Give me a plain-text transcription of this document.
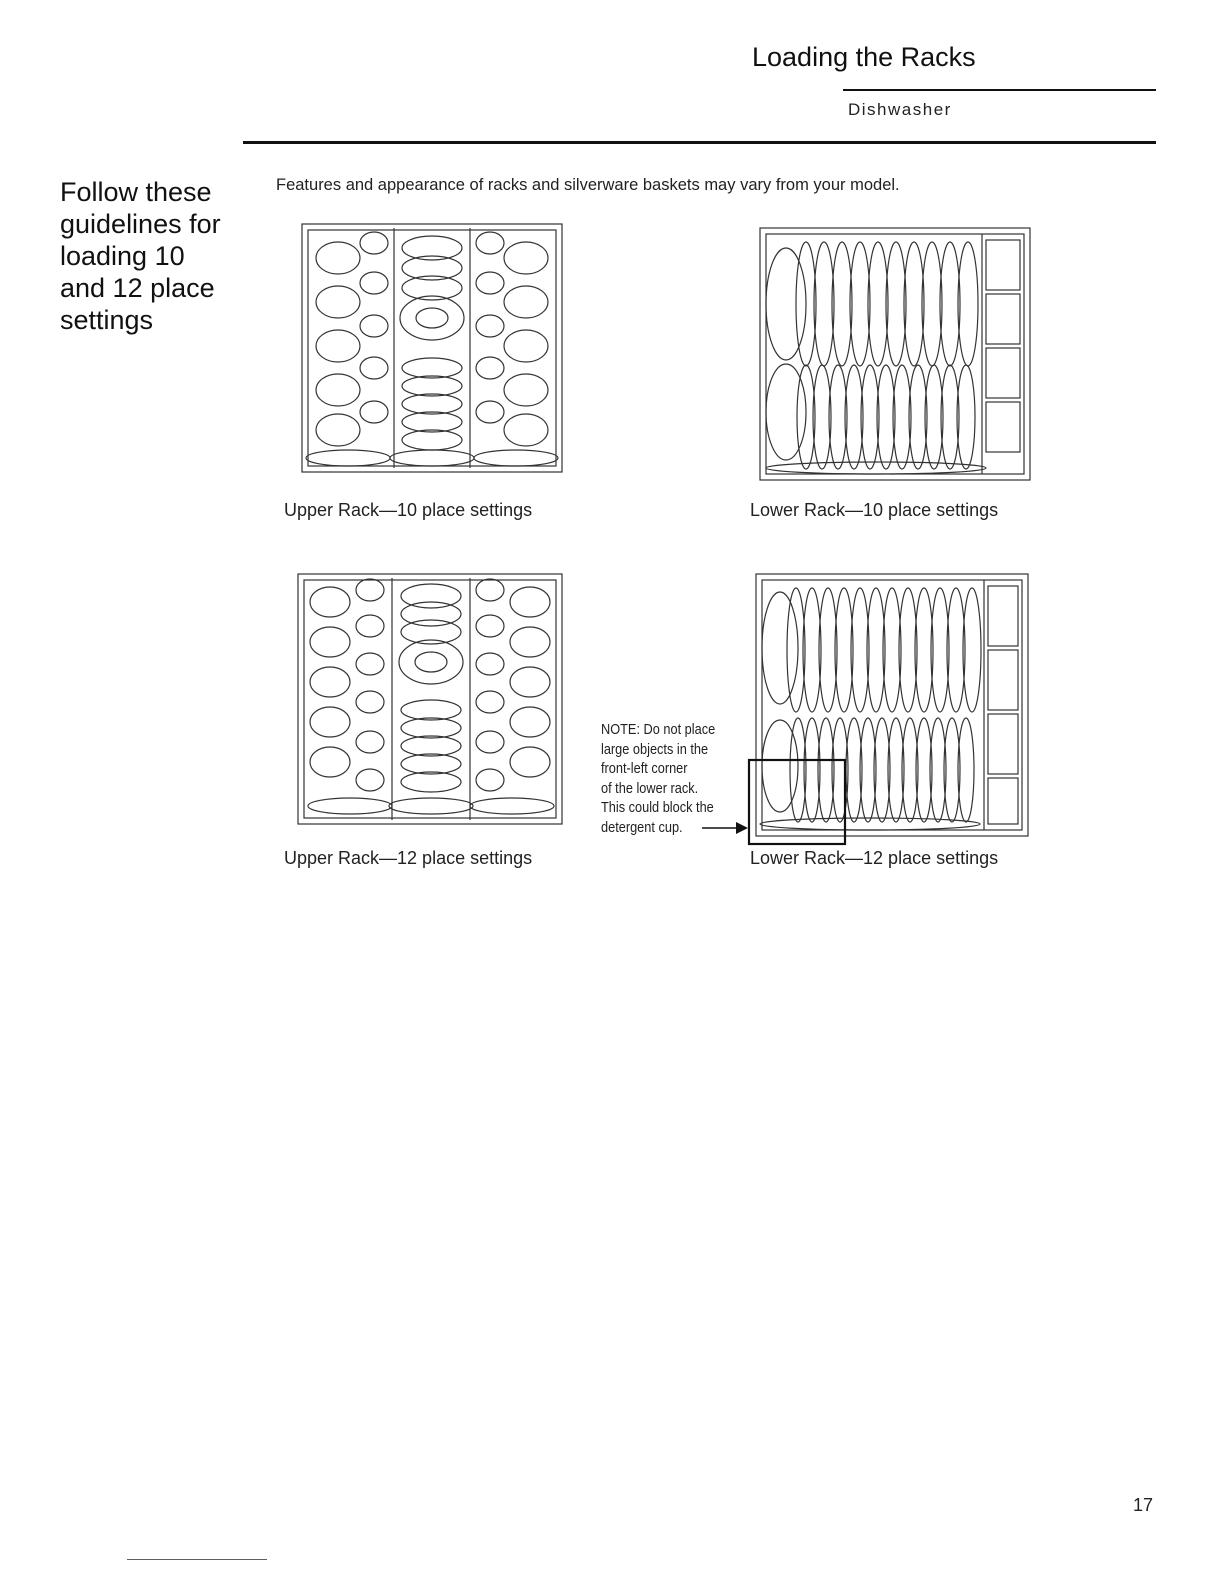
Loading the Racks
Dishwasher
Follow these guidelines for loading 10 and 12 place settings
Features and appearance of racks and silverware baskets may vary from your model.
Upper Rack—10 place settings	Lower Rack—10 place settings
Upper Rack—12 place settings
NOTE: Do not place
large objects in the
front-left corner
of the lower rack.
This could block the
detergent cup.
Lower Rack—12 place settings
17
